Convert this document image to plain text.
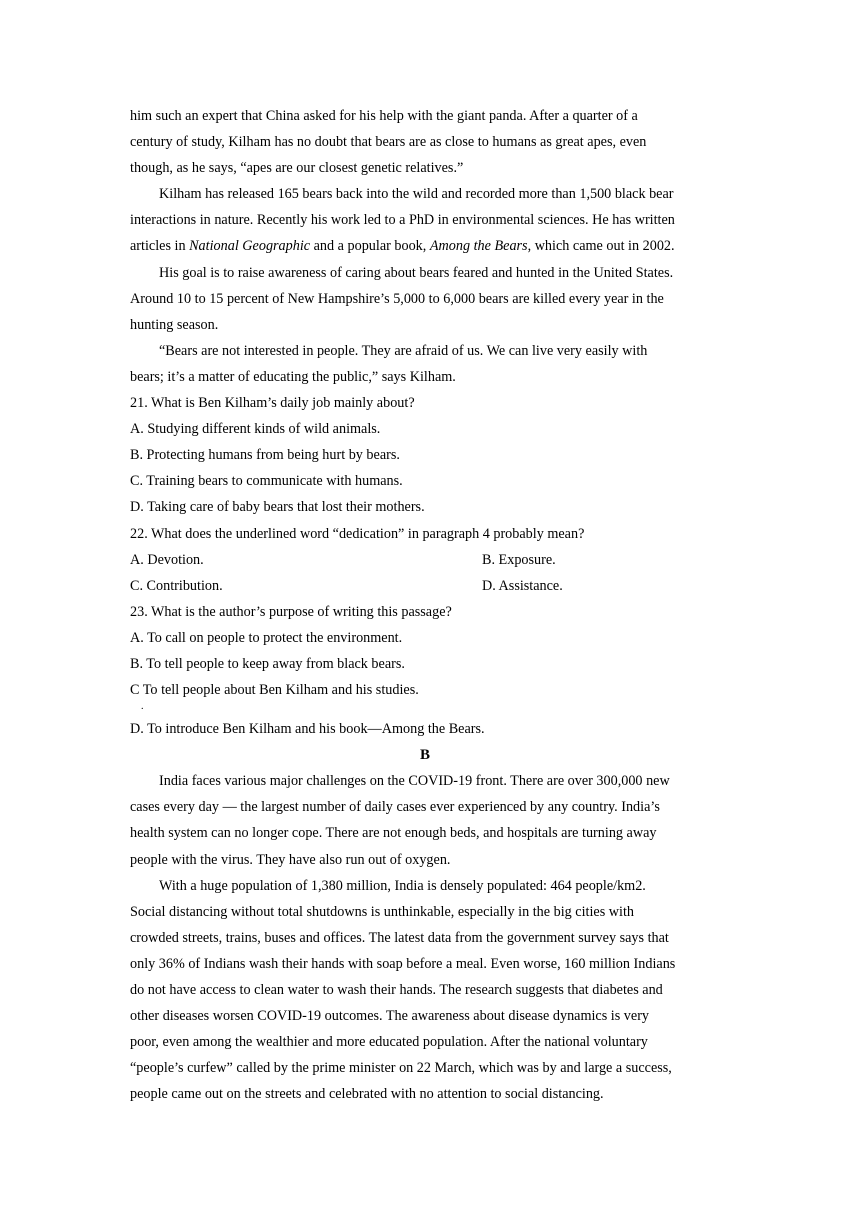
him such an expert that China asked for his help with the giant panda. After a quarter of a
century of study, Kilham has no doubt that bears are as close to humans as great apes, even
though, as he says, “apes are our closest genetic relatives.”
Kilham has released 165 bears back into the wild and recorded more than 1,500 black bear
interactions in nature. Recently his work led to a PhD in environmental sciences. He has written
articles in National Geographic and a popular book, Among the Bears, which came out in 2002.
His goal is to raise awareness of caring about bears feared and hunted in the United States.
Around 10 to 15 percent of New Hampshire’s 5,000 to 6,000 bears are killed every year in the
hunting season.
“Bears are not interested in people. They are afraid of us. We can live very easily with
bears; it’s a matter of educating the public,” says Kilham.
21. What is Ben Kilham’s daily job mainly about?
A. Studying different kinds of wild animals.
B. Protecting humans from being hurt by bears.
C. Training bears to communicate with humans.
D. Taking care of baby bears that lost their mothers.
22. What does the underlined word “dedication” in paragraph 4 probably mean?
A. Devotion.	B. Exposure.
C. Contribution.	D. Assistance.
23. What is the author’s purpose of writing this passage?
A. To call on people to protect the environment.
B. To tell people to keep away from black bears.
C To tell people about Ben Kilham and his studies.
.
D. To introduce Ben Kilham and his book—Among the Bears.
B
India faces various major challenges on the COVID-19 front. There are over 300,000 new
cases every day — the largest number of daily cases ever experienced by any country. India’s
health system can no longer cope. There are not enough beds, and hospitals are turning away
people with the virus. They have also run out of oxygen.
With a huge population of 1,380 million, India is densely populated: 464 people/km2.
Social distancing without total shutdowns is unthinkable, especially in the big cities with
crowded streets, trains, buses and offices. The latest data from the government survey says that
only 36% of Indians wash their hands with soap before a meal. Even worse, 160 million Indians
do not have access to clean water to wash their hands. The research suggests that diabetes and
other diseases worsen COVID-19 outcomes. The awareness about disease dynamics is very
poor, even among the wealthier and more educated population. After the national voluntary
“people’s curfew” called by the prime minister on 22 March, which was by and large a success,
people came out on the streets and celebrated with no attention to social distancing.
